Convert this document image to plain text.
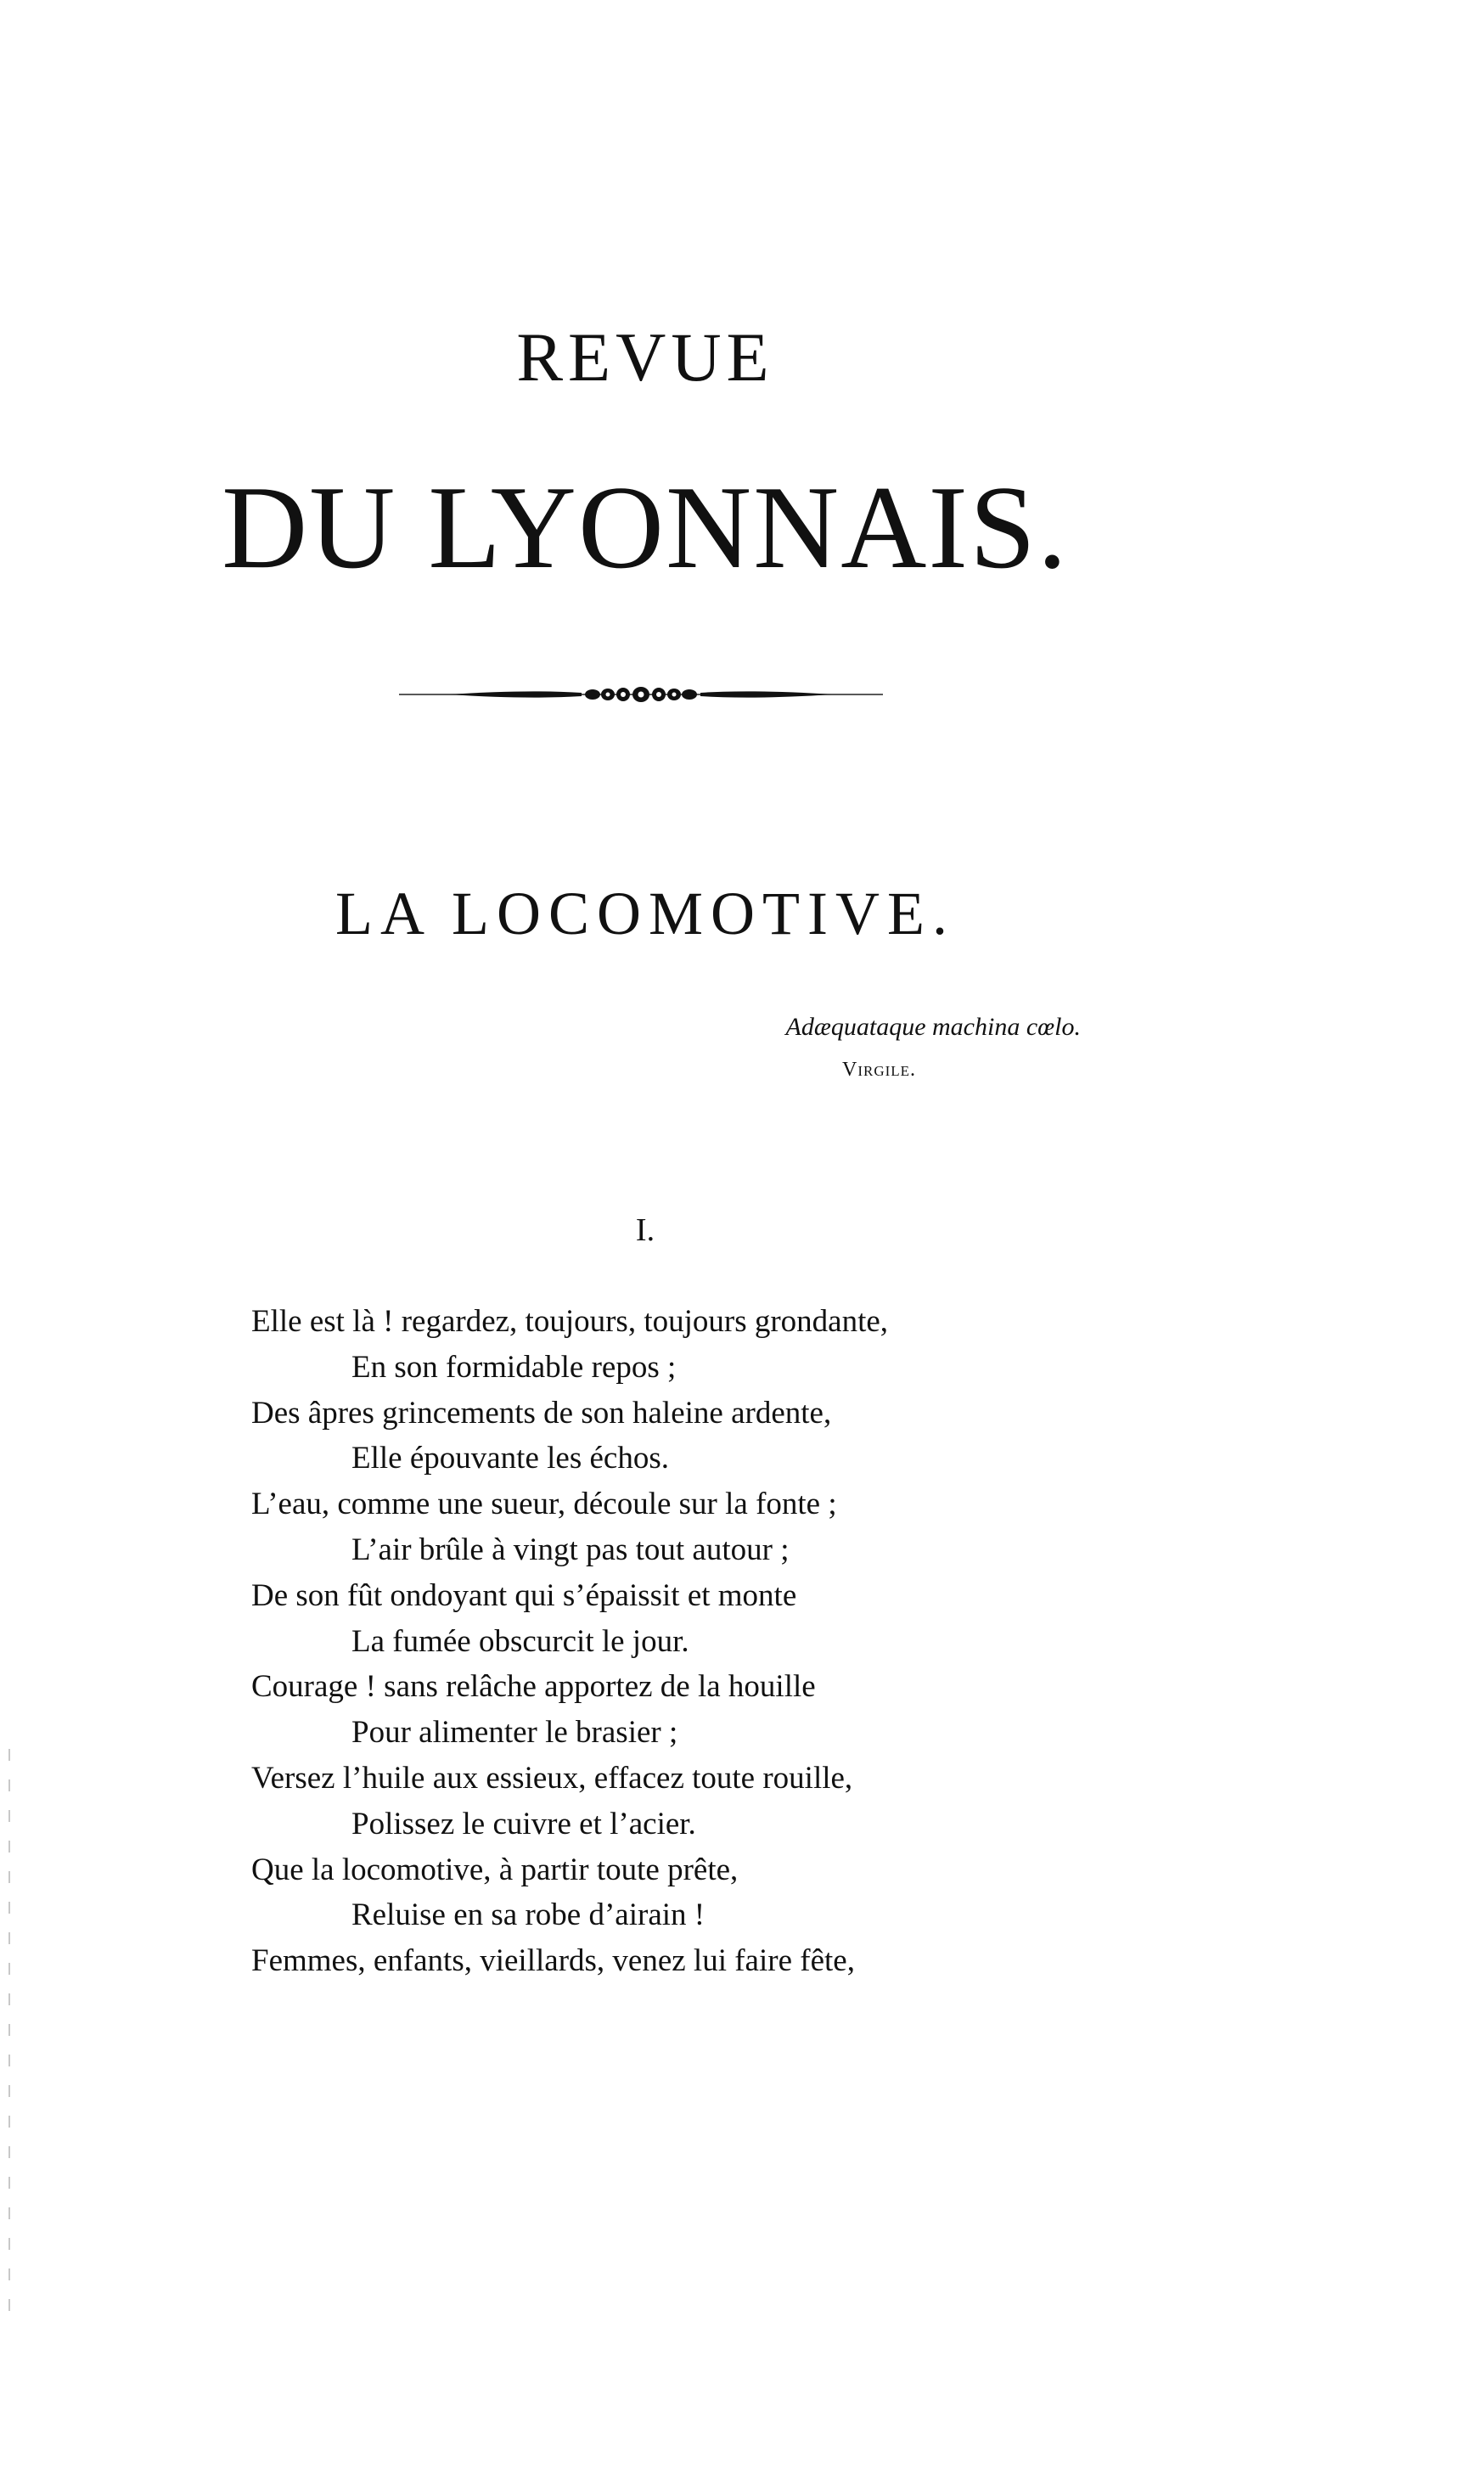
REVUE
DU LYONNAIS.
LA LOCOMOTIVE.
Adæquataque machina cœlo.
Virgile.
I.
Elle est là ! regardez, toujours, toujours grondante,
En son formidable repos ;
Des âpres grincements de son haleine ardente,
Elle épouvante les échos.
L’eau, comme une sueur, découle sur la fonte ;
L’air brûle à vingt pas tout autour ;
De son fût ondoyant qui s’épaissit et monte
La fumée obscurcit le jour.
Courage ! sans relâche apportez de la houille
Pour alimenter le brasier ;
Versez l’huile aux essieux, effacez toute rouille,
Polissez le cuivre et l’acier.
Que la locomotive, à partir toute prête,
Reluise en sa robe d’airain !
Femmes, enfants, vieillards, venez lui faire fête,
